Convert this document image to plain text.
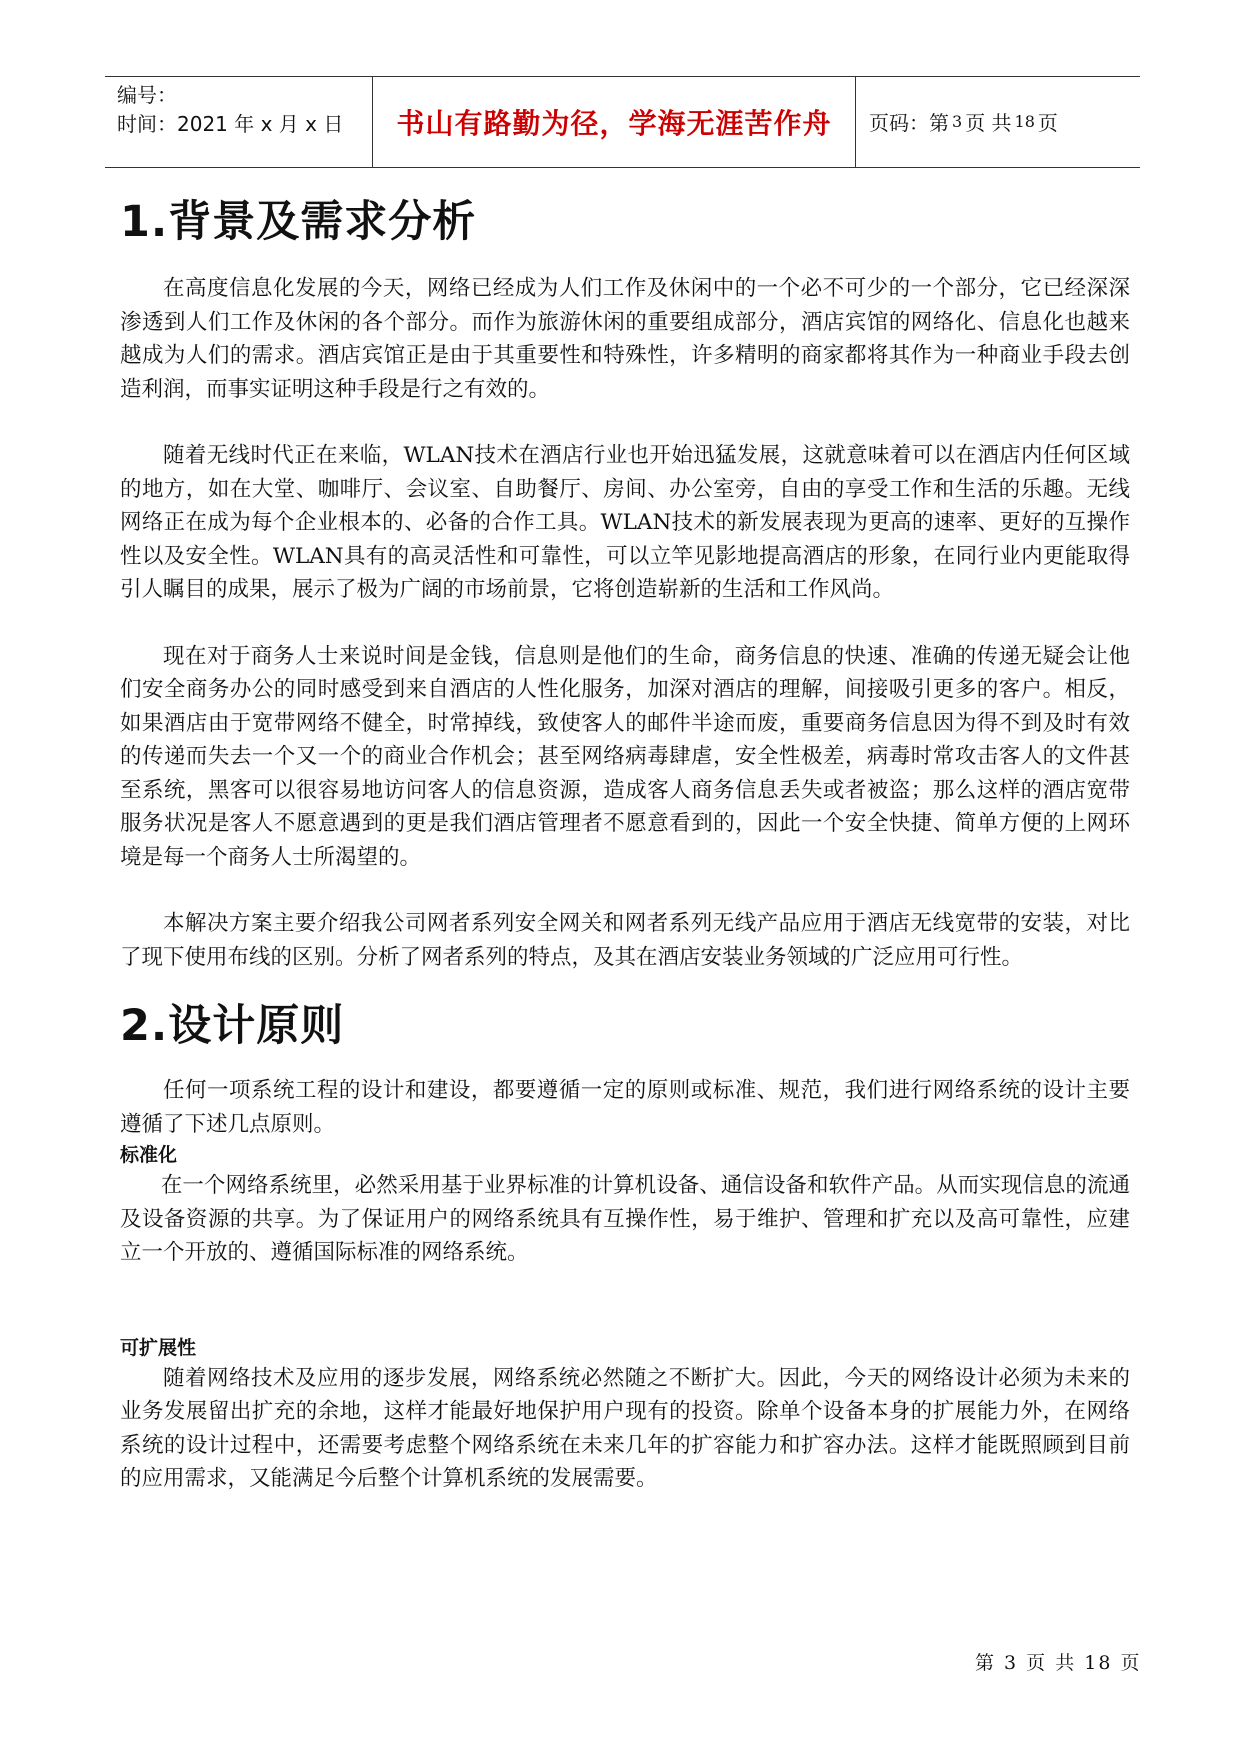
编号：
时间：2021 年 x 月 x 日	书山有路勤为径，学海无涯苦作舟	页码：第 3 页 共 18 页
1.背景及需求分析

在高度信息化发展的今天，网络已经成为人们工作及休闲中的一个必不可少的一个部分，它已经深深渗透到人们工作及休闲的各个部分。而作为旅游休闲的重要组成部分，酒店宾馆的网络化、信息化也越来越成为人们的需求。酒店宾馆正是由于其重要性和特殊性，许多精明的商家都将其作为一种商业手段去创造利润，而事实证明这种手段是行之有效的。

随着无线时代正在来临，WLAN技术在酒店行业也开始迅猛发展，这就意味着可以在酒店内任何区域的地方，如在大堂、咖啡厅、会议室、自助餐厅、房间、办公室旁，自由的享受工作和生活的乐趣。无线网络正在成为每个企业根本的、必备的合作工具。WLAN技术的新发展表现为更高的速率、更好的互操作性以及安全性。WLAN具有的高灵活性和可靠性，可以立竿见影地提高酒店的形象，在同行业内更能取得引人瞩目的成果，展示了极为广阔的市场前景，它将创造崭新的生活和工作风尚。

现在对于商务人士来说时间是金钱，信息则是他们的生命，商务信息的快速、准确的传递无疑会让他们安全商务办公的同时感受到来自酒店的人性化服务，加深对酒店的理解，间接吸引更多的客户。相反，如果酒店由于宽带网络不健全，时常掉线，致使客人的邮件半途而废，重要商务信息因为得不到及时有效的传递而失去一个又一个的商业合作机会；甚至网络病毒肆虐，安全性极差，病毒时常攻击客人的文件甚至系统，黑客可以很容易地访问客人的信息资源，造成客人商务信息丢失或者被盗；那么这样的酒店宽带服务状况是客人不愿意遇到的更是我们酒店管理者不愿意看到的，因此一个安全快捷、简单方便的上网环境是每一个商务人士所渴望的。

本解决方案主要介绍我公司网者系列安全网关和网者系列无线产品应用于酒店无线宽带的安装，对比了现下使用布线的区别。分析了网者系列的特点，及其在酒店安装业务领域的广泛应用可行性。

2.设计原则

任何一项系统工程的设计和建设，都要遵循一定的原则或标准、规范，我们进行网络系统的设计主要遵循了下述几点原则。

标准化

在一个网络系统里，必然采用基于业界标准的计算机设备、通信设备和软件产品。从而实现信息的流通及设备资源的共享。为了保证用户的网络系统具有互操作性，易于维护、管理和扩充以及高可靠性，应建立一个开放的、遵循国际标准的网络系统。

可扩展性

随着网络技术及应用的逐步发展，网络系统必然随之不断扩大。因此，今天的网络设计必须为未来的业务发展留出扩充的余地，这样才能最好地保护用户现有的投资。除单个设备本身的扩展能力外，在网络系统的设计过程中，还需要考虑整个网络系统在未来几年的扩容能力和扩容办法。这样才能既照顾到目前的应用需求，又能满足今后整个计算机系统的发展需要。

第 3 页 共 18 页
